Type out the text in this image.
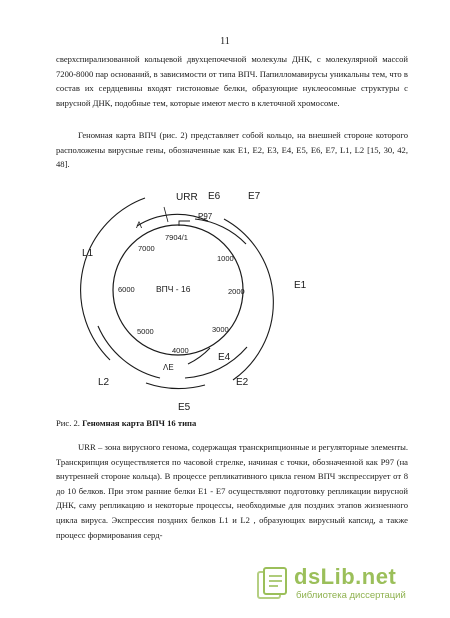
11

сверхспирализованной кольцевой двухцепочечной молекулы ДНК, с молекулярной массой 7200-8000 пар оснований, в зависимости от типа ВПЧ. Папилломавирусы уникальны тем, что в состав их сердцевины входят гистоновые белки, образующие нуклеосомные структуры с вирусной ДНК, подобные тем, которые имеют место в клеточной хромосоме.

Геномная карта ВПЧ (рис. 2) представляет собой кольцо, на внешней стороне которого расположены вирусные гены, обозначенные как E1, E2, E3, E4, E5, E6, E7, L1, L2 [15, 30, 42, 48].

URR
P97
Λ
E6	E7
E1
E4
E2
E5
L2
L1
7904/1
1000
2000
3000
4000
5000
6000
7000
ΛE
ВПЧ - 16
Рис. 2. Геномная карта ВПЧ 16 типа

URR – зона вирусного генома, содержащая транскрипционные и регуляторные элементы. Транскрипция осуществляется по часовой стрелке, начиная с точки, обозначенной как P97 (на внутренней стороне кольца). В процессе репликативного цикла геном ВПЧ экспрессирует от 8 до 10 белков. При этом ранние белки E1 - E7 осуществляют подготовку репликации вирусной ДНК, саму репликацию и некоторые процессы, необходимые для поздних этапов жизненного цикла вируса. Экспрессия поздних белков L1 и L2 , образующих вирусный капсид, а также процесс формирования серд-

dsLib.net
библиотека диссертаций
